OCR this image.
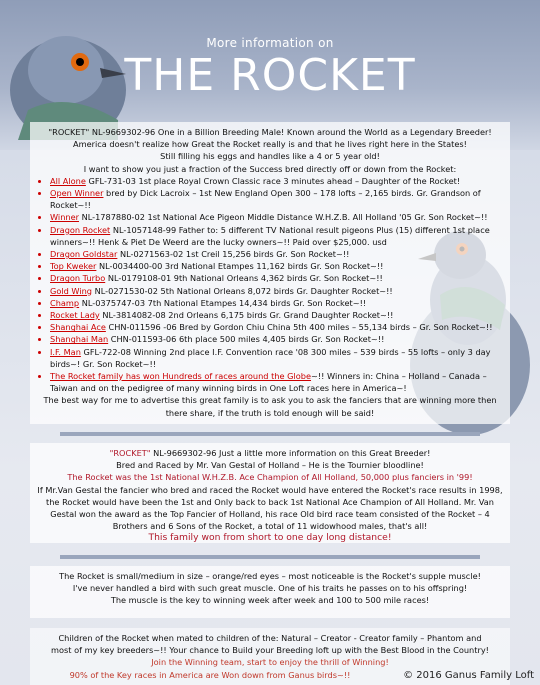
More information on
THE ROCKET
"ROCKET" NL-9669302-96 One in a Billion Breeding Male! Known around the World as a Legendary Breeder!
America doesn't realize how Great the Rocket really is and that he lives right here in the States!
Still filling his eggs and handles like a 4 or 5 year old!
I want to show you just a fraction of the Success bred directly off or down from the Rocket:
• All Alone GFL-731-03 1st place Royal Crown Classic race 3 minutes ahead – Daughter of the Rocket!
• Open Winner bred by Dick Lacroix – 1st New England Open 300 – 178 lofts – 2,165 birds. Gr. Grandson of Rocket~!!
• Winner NL-1787880-02 1st National Ace Pigeon Middle Distance W.H.Z.B. All Holland '05 Gr. Son Rocket~!!
• Dragon Rocket NL-1057148-99 Father to: 5 different TV National result pigeons Plus (15) different 1st place winners~!! Henk & Piet De Weerd are the lucky owners~!! Paid over $25,000. usd
• Dragon Goldstar NL-0271563-02 1st Creil 15,256 birds Gr. Son Rocket~!!
• Top Kweker NL-0034400-00 3rd National Etampes 11,162 birds Gr. Son Rocket~!!
• Dragon Turbo NL-0179108-01 9th National Orleans 4,362 birds Gr. Son Rocket~!!
• Gold Wing NL-0271530-02 5th National Orleans 8,072 birds Gr. Daughter Rocket~!!
• Champ NL-0375747-03 7th National Etampes 14,434 birds Gr. Son Rocket~!!
• Rocket Lady NL-3814082-08 2nd Orleans 6,175 birds Gr. Grand Daughter Rocket~!!
• Shanghai Ace CHN-011596 -06 Bred by Gordon Chiu China 5th 400 miles – 55,134 birds – Gr. Son Rocket~!!
• Shanghai Man CHN-011593-06 6th place 500 miles 4,405 birds Gr. Son Rocket~!!
• I.F. Man GFL-722-08 Winning 2nd place I.F. Convention race '08 300 miles – 539 birds – 55 lofts – only 3 day birds~! Gr. Son Rocket~!!
• The Rocket family has won Hundreds of races around the Globe~!! Winners in: China – Holland – Canada – Taiwan and on the pedigree of many winning birds in One Loft races here in America~!
The best way for me to advertise this great family is to ask you to ask the fanciers that are winning more then there share, if the truth is told enough will be said!
"ROCKET" NL-9669302-96 Just a little more information on this Great Breeder!
Bred and Raced by Mr. Van Gestal of Holland – He is the Tournier bloodline!
The Rocket was the 1st National W.H.Z.B. Ace Champion of All Holland, 50,000 plus fanciers in '99!
If Mr.Van Gestal the fancier who bred and raced the Rocket would have entered the Rocket's race results in 1998, the Rocket would have been the 1st and Only back to back 1st National Ace Champion of All Holland. Mr. Van Gestal won the award as the Top Fancier of Holland, his race Old bird race team consisted of the Rocket – 4 Brothers and 6 Sons of the Rocket, a total of 11 widowhood males, that's all!
This family won from short to one day long distance!
The Rocket is small/medium in size – orange/red eyes – most noticeable is the Rocket's supple muscle!
I've never handled a bird with such great muscle. One of his traits he passes on to his offspring!
The muscle is the key to winning week after week and 100 to 500 mile races!
Children of the Rocket when mated to children of the: Natural – Creator - Creator family – Phantom and
most of my key breeders~!! Your chance to Build your Breeding loft up with the Best Blood in the Country!
Join the Winning team, start to enjoy the thrill of Winning!
90% of the Key races in America are Won down from Ganus birds~!!	© 2016 Ganus Family Loft
